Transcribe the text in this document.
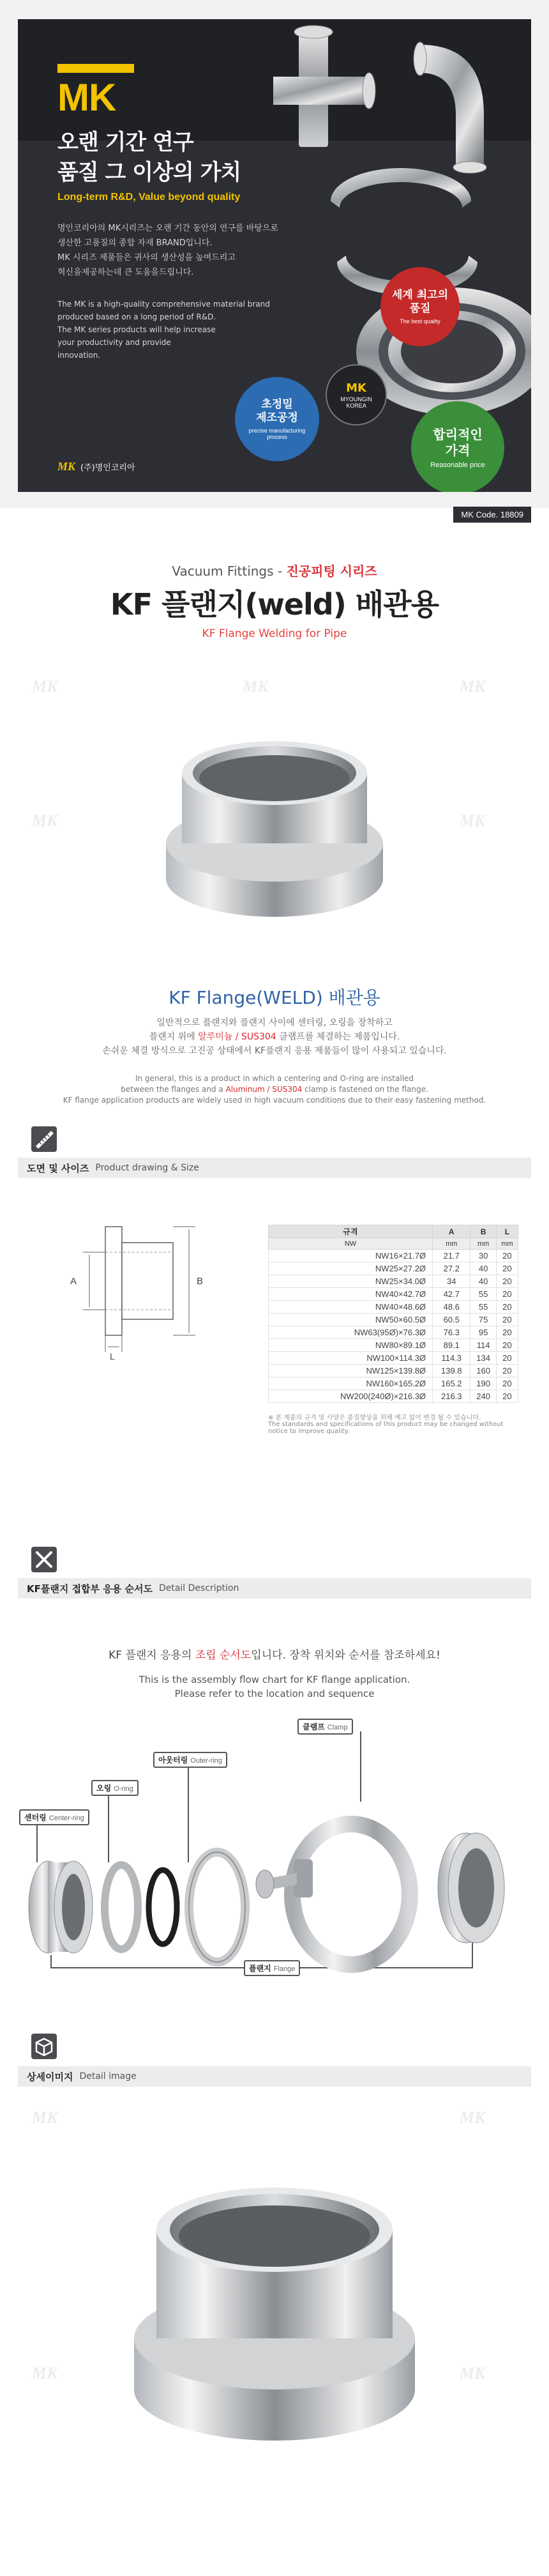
MK
오랜 기간 연구
품질 그 이상의 가치
Long-term R&D, Value beyond quality
명인코리아의 MK시리즈는 오랜 기간 동안의 연구를 바탕으로
생산한 고품질의 종합 자재 BRAND입니다.
MK 시리즈 제품들은 귀사의 생산성을 높여드리고
혁신을제공하는데 큰 도움을드립니다.
The MK is a high-quality comprehensive material brand
produced based on a long period of R&D.
The MK series products will help increase
your productivity and provide
innovation.
세계 최고의
품질
The best quality
초정밀
제조공정
precise manufacturing process
MK
MYOUNGIN
KOREA
합리적인
가격
Reasonable price
MK (주)명인코리아
MK Code. 18809
MK	MK	MK
MK	MK
MK	MK
MK	MK
Vacuum Fittings - 진공피팅 시리즈
KF 플랜지(weld) 배관용
KF Flange Welding for Pipe
KF Flange(WELD) 배관용
일반적으로 플랜지와 플랜지 사이에 센터링, 오링을 장착하고
플랜지 위에 알루미늄 / SUS304 클램프를 체결하는 제품입니다.
손쉬운 체결 방식으로 고진공 상태에서 KF플랜지 응용 제품들이 많이 사용되고 있습니다.
In general, this is a product in which a centering and O-ring are installed
between the flanges and a Aluminum / SUS304 clamp is fastened on the flange.
KF flange application products are widely used in high vacuum conditions due to their easy fastening method.
도면 및 사이즈 Product drawing & Size
A	B
L
규격	A	B	L
NW	mm	mm	mm
NW16×21.7Ø	21.7	30	20
NW25×27.2Ø	27.2	40	20
NW25×34.0Ø	34	40	20
NW40×42.7Ø	42.7	55	20
NW40×48.6Ø	48.6	55	20
NW50×60.5Ø	60.5	75	20
NW63(95Ø)×76.3Ø	76.3	95	20
NW80×89.1Ø	89.1	114	20
NW100×114.3Ø	114.3	134	20
NW125×139.8Ø	139.8	160	20
NW160×165.2Ø	165.2	190	20
NW200(240Ø)×216.3Ø	216.3	240	20
※ 본 제품의 규격 및 사양은 품질향상을 위해 예고 없이 변경 될 수 있습니다.
The standards and specifications of this product may be changed without notice to improve quality.
KF플랜지 접합부 응용 순서도 Detail Description
KF 플랜지 응용의 조립 순서도입니다. 장착 위치와 순서를 참조하세요!
This is the assembly flow chart for KF flange application.
Please refer to the location and sequence
센터링 Center-ring
오링 O-ring
아웃터링 Outer-ring
클램프 Clamp
플랜지 Flange
상세이미지 Detail image
